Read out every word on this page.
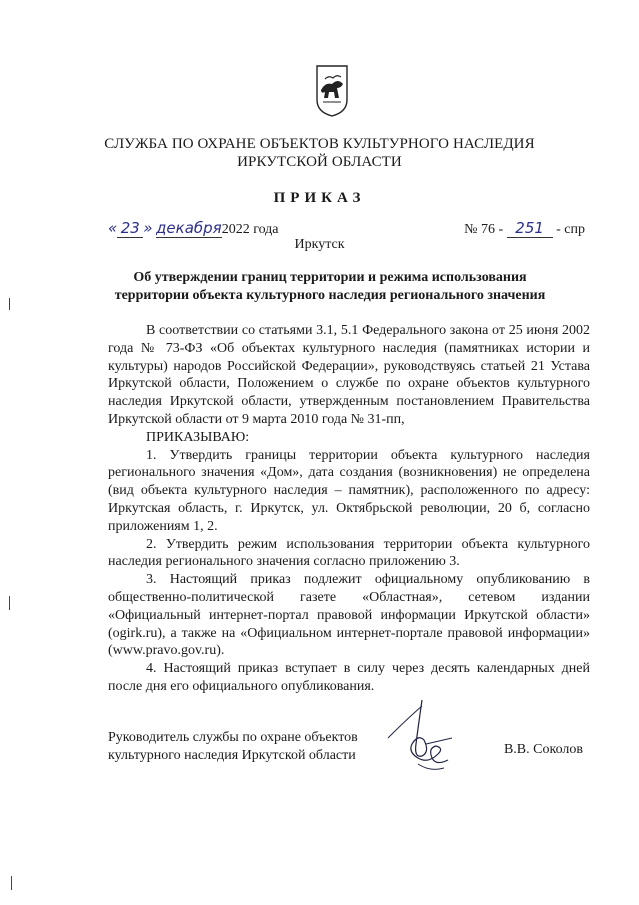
СЛУЖБА ПО ОХРАНЕ ОБЪЕКТОВ КУЛЬТУРНОГО НАСЛЕДИЯ
ИРКУТСКОЙ ОБЛАСТИ
ПРИКАЗ
« 23 » декабря2022 года	№ 76 - 251 - спр
Иркутск
Об утверждении границ территории и режима использования
территории объекта культурного наследия регионального значения

В соответствии со статьями 3.1, 5.1 Федерального закона от 25 июня 2002 года № 73-ФЗ «Об объектах культурного наследия (памятниках истории и культуры) народов Российской Федерации», руководствуясь статьей 21 Устава Иркутской области, Положением о службе по охране объектов культурного наследия Иркутской области, утвержденным постановлением Правительства Иркутской области от 9 марта 2010 года № 31-пп,

ПРИКАЗЫВАЮ:

1. Утвердить границы территории объекта культурного наследия регионального значения «Дом», дата создания (возникновения) не определена (вид объекта культурного наследия – памятник), расположенного по адресу: Иркутская область, г. Иркутск, ул. Октябрьской революции, 20 б, согласно приложениям 1, 2.

2. Утвердить режим использования территории объекта культурного наследия регионального значения согласно приложению 3.

3. Настоящий приказ подлежит официальному опубликованию в общественно-политической газете «Областная», сетевом издании «Официальный интернет-портал правовой информации Иркутской области» (ogirk.ru), а также на «Официальном интернет-портале правовой информации» (www.pravo.gov.ru).

4. Настоящий приказ вступает в силу через десять календарных дней после дня его официального опубликования.

Руководитель службы по охране объектов
культурного наследия Иркутской области	В.В. Соколов
